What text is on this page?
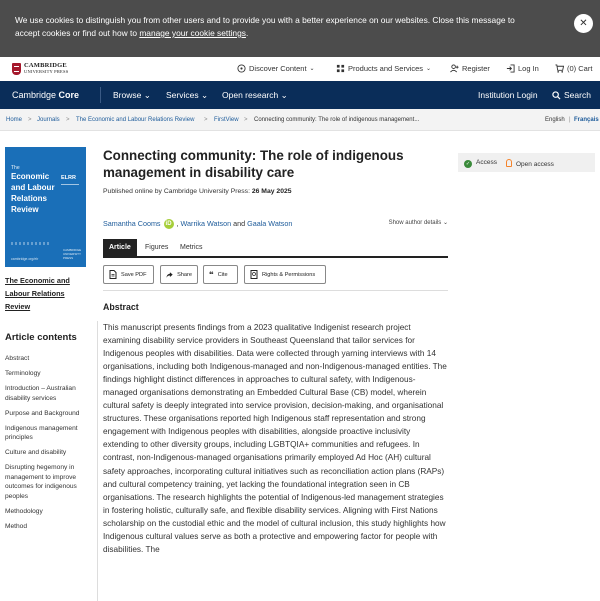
We use cookies to distinguish you from other users and to provide you with a better experience on our websites. Close this message to accept cookies or find out how to manage your cookie settings.
✕
CAMBRIDGE
UNIVERSITY PRESS	Discover Content ⌄	Products and Services ⌄	Register	Log In	(0) Cart
Cambridge Core	Browse ⌄ Services ⌄ Open research ⌄	Institution Login	Search
Home > Journals > The Economic and Labour Relations Review > FirstView > Connecting community: The role of indigenous management...	English | Français
The
Economic and Labour Relations Review
ELRR
CAMBRIDGE UNIVERSITY PRESS
cambridge.org/elr
The Economic and Labour Relations Review
Article contents
Abstract
Terminology
Introduction – Australian disability services
Purpose and Background
Indigenous management principles
Culture and disability
Disrupting hegemony in management to improve outcomes for indigenous peoples
Methodology
Method
Connecting community: The role of indigenous management in disability care
Published online by Cambridge University Press: 26 May 2025
Samantha Cooms iD , Warrika Watson and Gaala Watson	Show author details ⌄
Article	Figures	Metrics
Save PDF	Share ❝ Cite	Rights & Permissions
Abstract

This manuscript presents findings from a 2023 qualitative Indigenist research project examining disability service providers in Southeast Queensland that tailor services for Indigenous peoples with disabilities. Data were collected through yarning interviews with 14 organisations, including both Indigenous-managed and non-Indigenous-managed entities. The findings highlight distinct differences in approaches to cultural safety, with Indigenous-managed organisations demonstrating an Embedded Cultural Base (CB) model, wherein cultural safety is deeply integrated into service provision, decision-making, and organisational structures. These organisations reported high Indigenous staff representation and strong engagement with Indigenous peoples with disabilities, alongside proactive inclusivity extending to other diversity groups, including LGBTQIA+ communities and refugees. In contrast, non-Indigenous-managed organisations primarily employed Ad Hoc (AH) cultural safety approaches, incorporating cultural initiatives such as reconciliation action plans (RAPs) and cultural competency training, yet lacking the foundational integration seen in CB organisations. The research highlights the potential of Indigenous-led management strategies in fostering holistic, culturally safe, and flexible disability services. Aligning with First Nations scholarship on the custodial ethic and the model of cultural inclusion, this study highlights how Indigenous cultural values serve as both a protective and empowering factor for people with disabilities. The

✓ Access	Open access
